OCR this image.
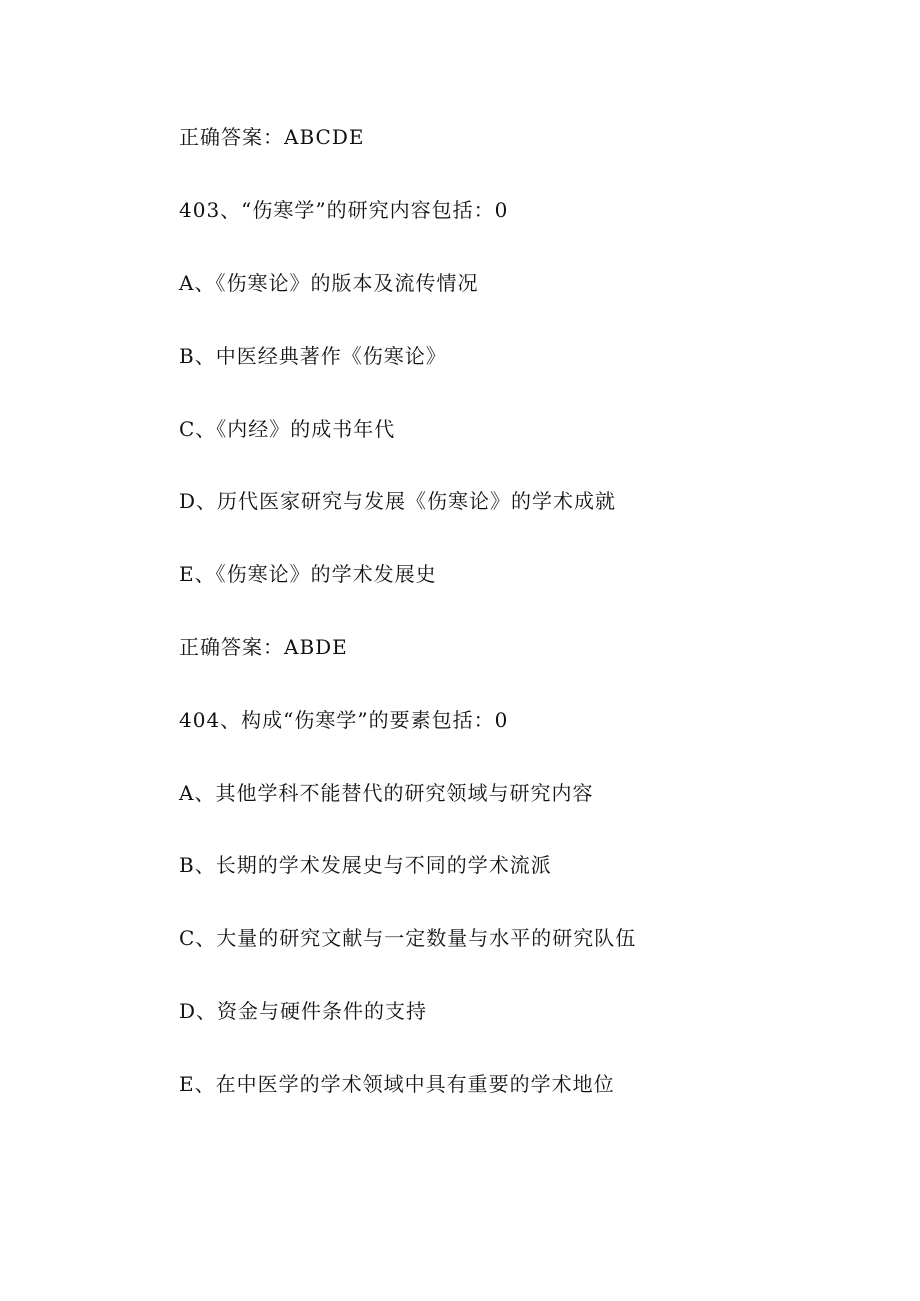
正确答案：ABCDE
403、“伤寒学”的研究内容包括：0
A、《伤寒论》的版本及流传情况
B、中医经典著作《伤寒论》
C、《内经》的成书年代
D、历代医家研究与发展《伤寒论》的学术成就
E、《伤寒论》的学术发展史
正确答案：ABDE
404、构成“伤寒学”的要素包括：0
A、其他学科不能替代的研究领域与研究内容
B、长期的学术发展史与不同的学术流派
C、大量的研究文献与一定数量与水平的研究队伍
D、资金与硬件条件的支持
E、在中医学的学术领域中具有重要的学术地位
